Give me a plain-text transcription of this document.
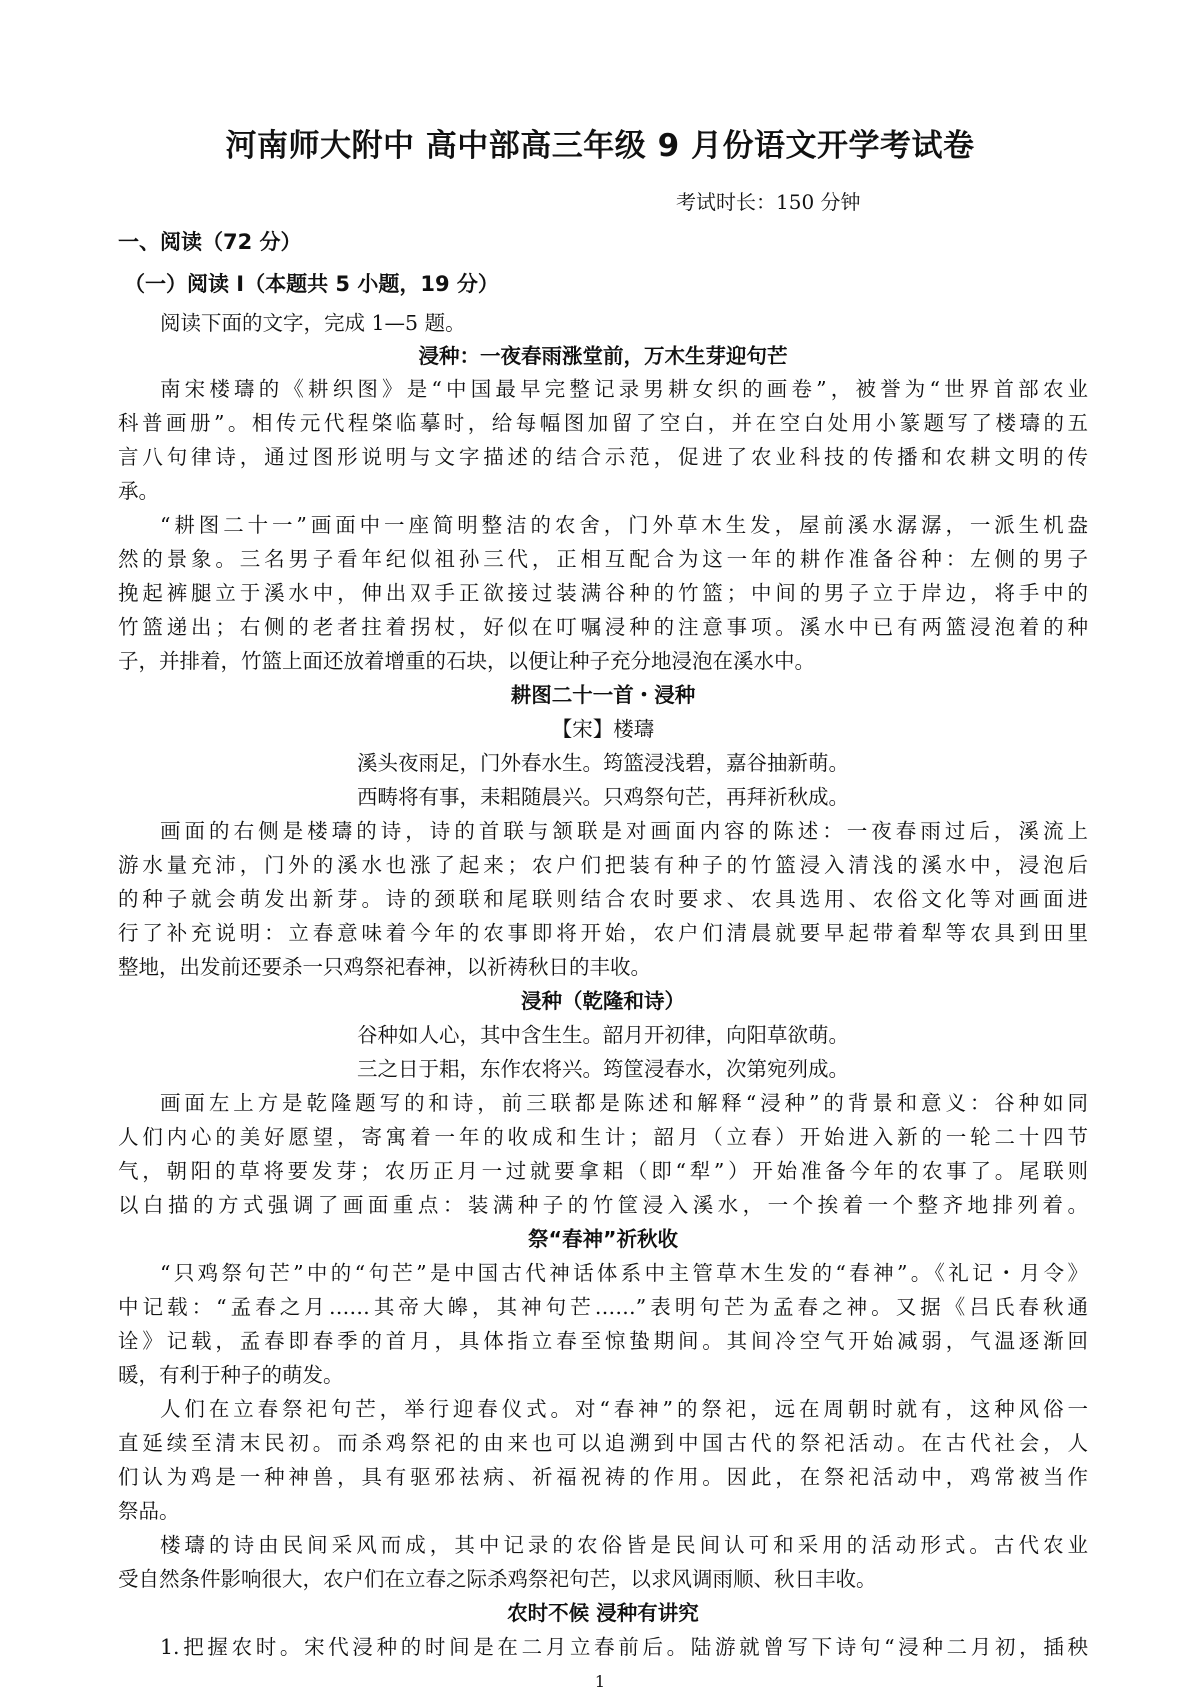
河南师大附中 高中部高三年级 9 月份语文开学考试卷
考试时长：150 分钟
一、阅读（72 分）
（一）阅读 I（本题共 5 小题，19 分）
阅读下面的文字，完成 1—5 题。
浸种：一夜春雨涨堂前，万木生芽迎句芒
南宋楼璹的《耕织图》是“中国最早完整记录男耕女织的画卷”，被誉为“世界首部农业
科普画册”。相传元代程棨临摹时，给每幅图加留了空白，并在空白处用小篆题写了楼璹的五
言八句律诗，通过图形说明与文字描述的结合示范，促进了农业科技的传播和农耕文明的传
承。
“耕图二十一”画面中一座简明整洁的农舍，门外草木生发，屋前溪水潺潺，一派生机盎
然的景象。三名男子看年纪似祖孙三代，正相互配合为这一年的耕作准备谷种：左侧的男子
挽起裤腿立于溪水中，伸出双手正欲接过装满谷种的竹篮；中间的男子立于岸边，将手中的
竹篮递出；右侧的老者拄着拐杖，好似在叮嘱浸种的注意事项。溪水中已有两篮浸泡着的种
子，并排着，竹篮上面还放着增重的石块，以便让种子充分地浸泡在溪水中。
耕图二十一首・浸种
【宋】楼璹
溪头夜雨足，门外春水生。筠篮浸浅碧，嘉谷抽新萌。
西畴将有事，耒耜随晨兴。只鸡祭句芒，再拜祈秋成。
画面的右侧是楼璹的诗，诗的首联与颔联是对画面内容的陈述：一夜春雨过后，溪流上
游水量充沛，门外的溪水也涨了起来；农户们把装有种子的竹篮浸入清浅的溪水中，浸泡后
的种子就会萌发出新芽。诗的颈联和尾联则结合农时要求、农具选用、农俗文化等对画面进
行了补充说明：立春意味着今年的农事即将开始，农户们清晨就要早起带着犁等农具到田里
整地，出发前还要杀一只鸡祭祀春神，以祈祷秋日的丰收。
浸种（乾隆和诗）
谷种如人心，其中含生生。韶月开初律，向阳草欲萌。
三之日于耜，东作农将兴。筠筐浸春水，次第宛列成。
画面左上方是乾隆题写的和诗，前三联都是陈述和解释“浸种”的背景和意义：谷种如同
人们内心的美好愿望，寄寓着一年的收成和生计；韶月（立春）开始进入新的一轮二十四节
气，朝阳的草将要发芽；农历正月一过就要拿耜（即“犁”）开始准备今年的农事了。尾联则
以白描的方式强调了画面重点：装满种子的竹筐浸入溪水，一个挨着一个整齐地排列着。
祭“春神”祈秋收
“只鸡祭句芒”中的“句芒”是中国古代神话体系中主管草木生发的“春神”。《礼记・月令》
中记载：“孟春之月……其帝大皞，其神句芒……”表明句芒为孟春之神。又据《吕氏春秋通
诠》记载，孟春即春季的首月，具体指立春至惊蛰期间。其间冷空气开始减弱，气温逐渐回
暖，有利于种子的萌发。
人们在立春祭祀句芒，举行迎春仪式。对“春神”的祭祀，远在周朝时就有，这种风俗一
直延续至清末民初。而杀鸡祭祀的由来也可以追溯到中国古代的祭祀活动。在古代社会，人
们认为鸡是一种神兽，具有驱邪祛病、祈福祝祷的作用。因此，在祭祀活动中，鸡常被当作
祭品。
楼璹的诗由民间采风而成，其中记录的农俗皆是民间认可和采用的活动形式。古代农业
受自然条件影响很大，农户们在立春之际杀鸡祭祀句芒，以求风调雨顺、秋日丰收。
农时不候 浸种有讲究
1.把握农时。宋代浸种的时间是在二月立春前后。陆游就曾写下诗句“浸种二月初，插秧
1
